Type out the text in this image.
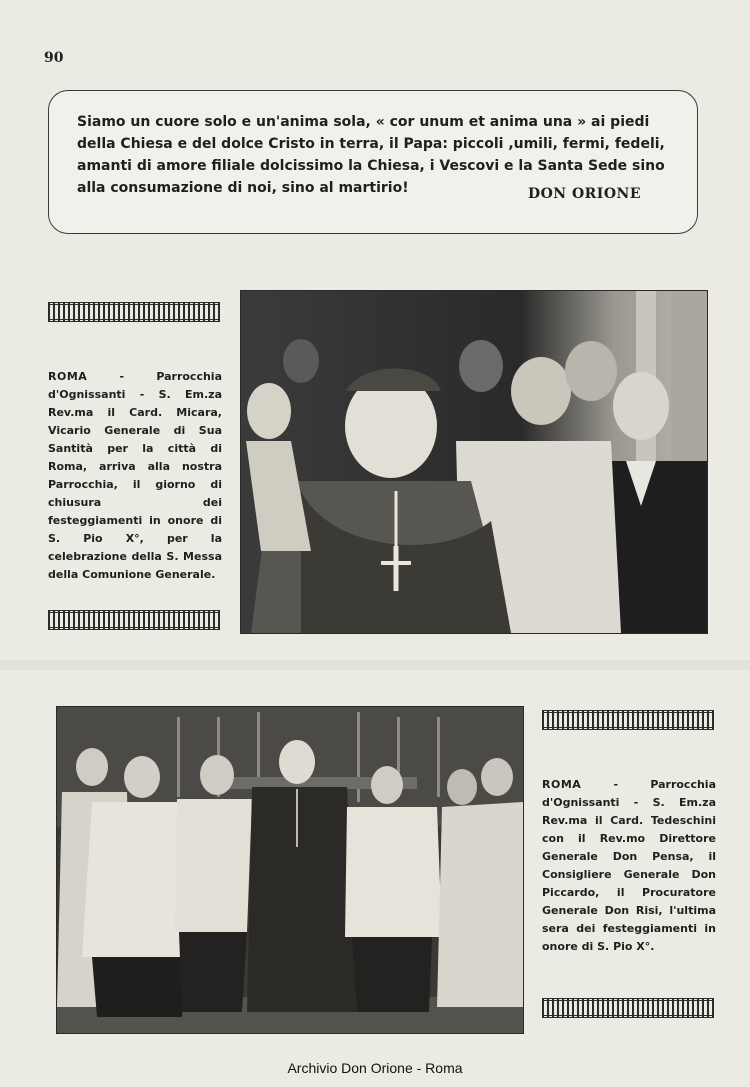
90

Siamo un cuore solo e un'anima sola, « cor unum et anima una » ai piedi della Chiesa e del dolce Cristo in terra, il Papa: piccoli ,umili, fermi, fedeli, amanti di amore filiale dolcissimo la Chiesa, i Vescovi e la Santa Sede sino alla consumazione di noi, sino al martirio!	DON ORIONE

ROMA	- Parrocchia d'Ognissanti - S. Em.za Rev.ma il Card. Micara, Vicario Generale di Sua Santità per la città di Roma, arriva alla nostra Parrocchia, il giorno di chiusura dei festeggiamenti in onore di S. Pio X°, per la celebrazione della S. Messa della Comunione Generale.

ROMA	- Parrocchia d'Ognissanti - S. Em.za Rev.ma il Card. Tedeschini con il Rev.mo Direttore Generale Don Pensa, il Consigliere Generale Don Piccardo, il Procuratore Generale Don Risi, l'ultima sera dei festeggiamenti in onore di S. Pio X°.

Archivio Don Orione - Roma
